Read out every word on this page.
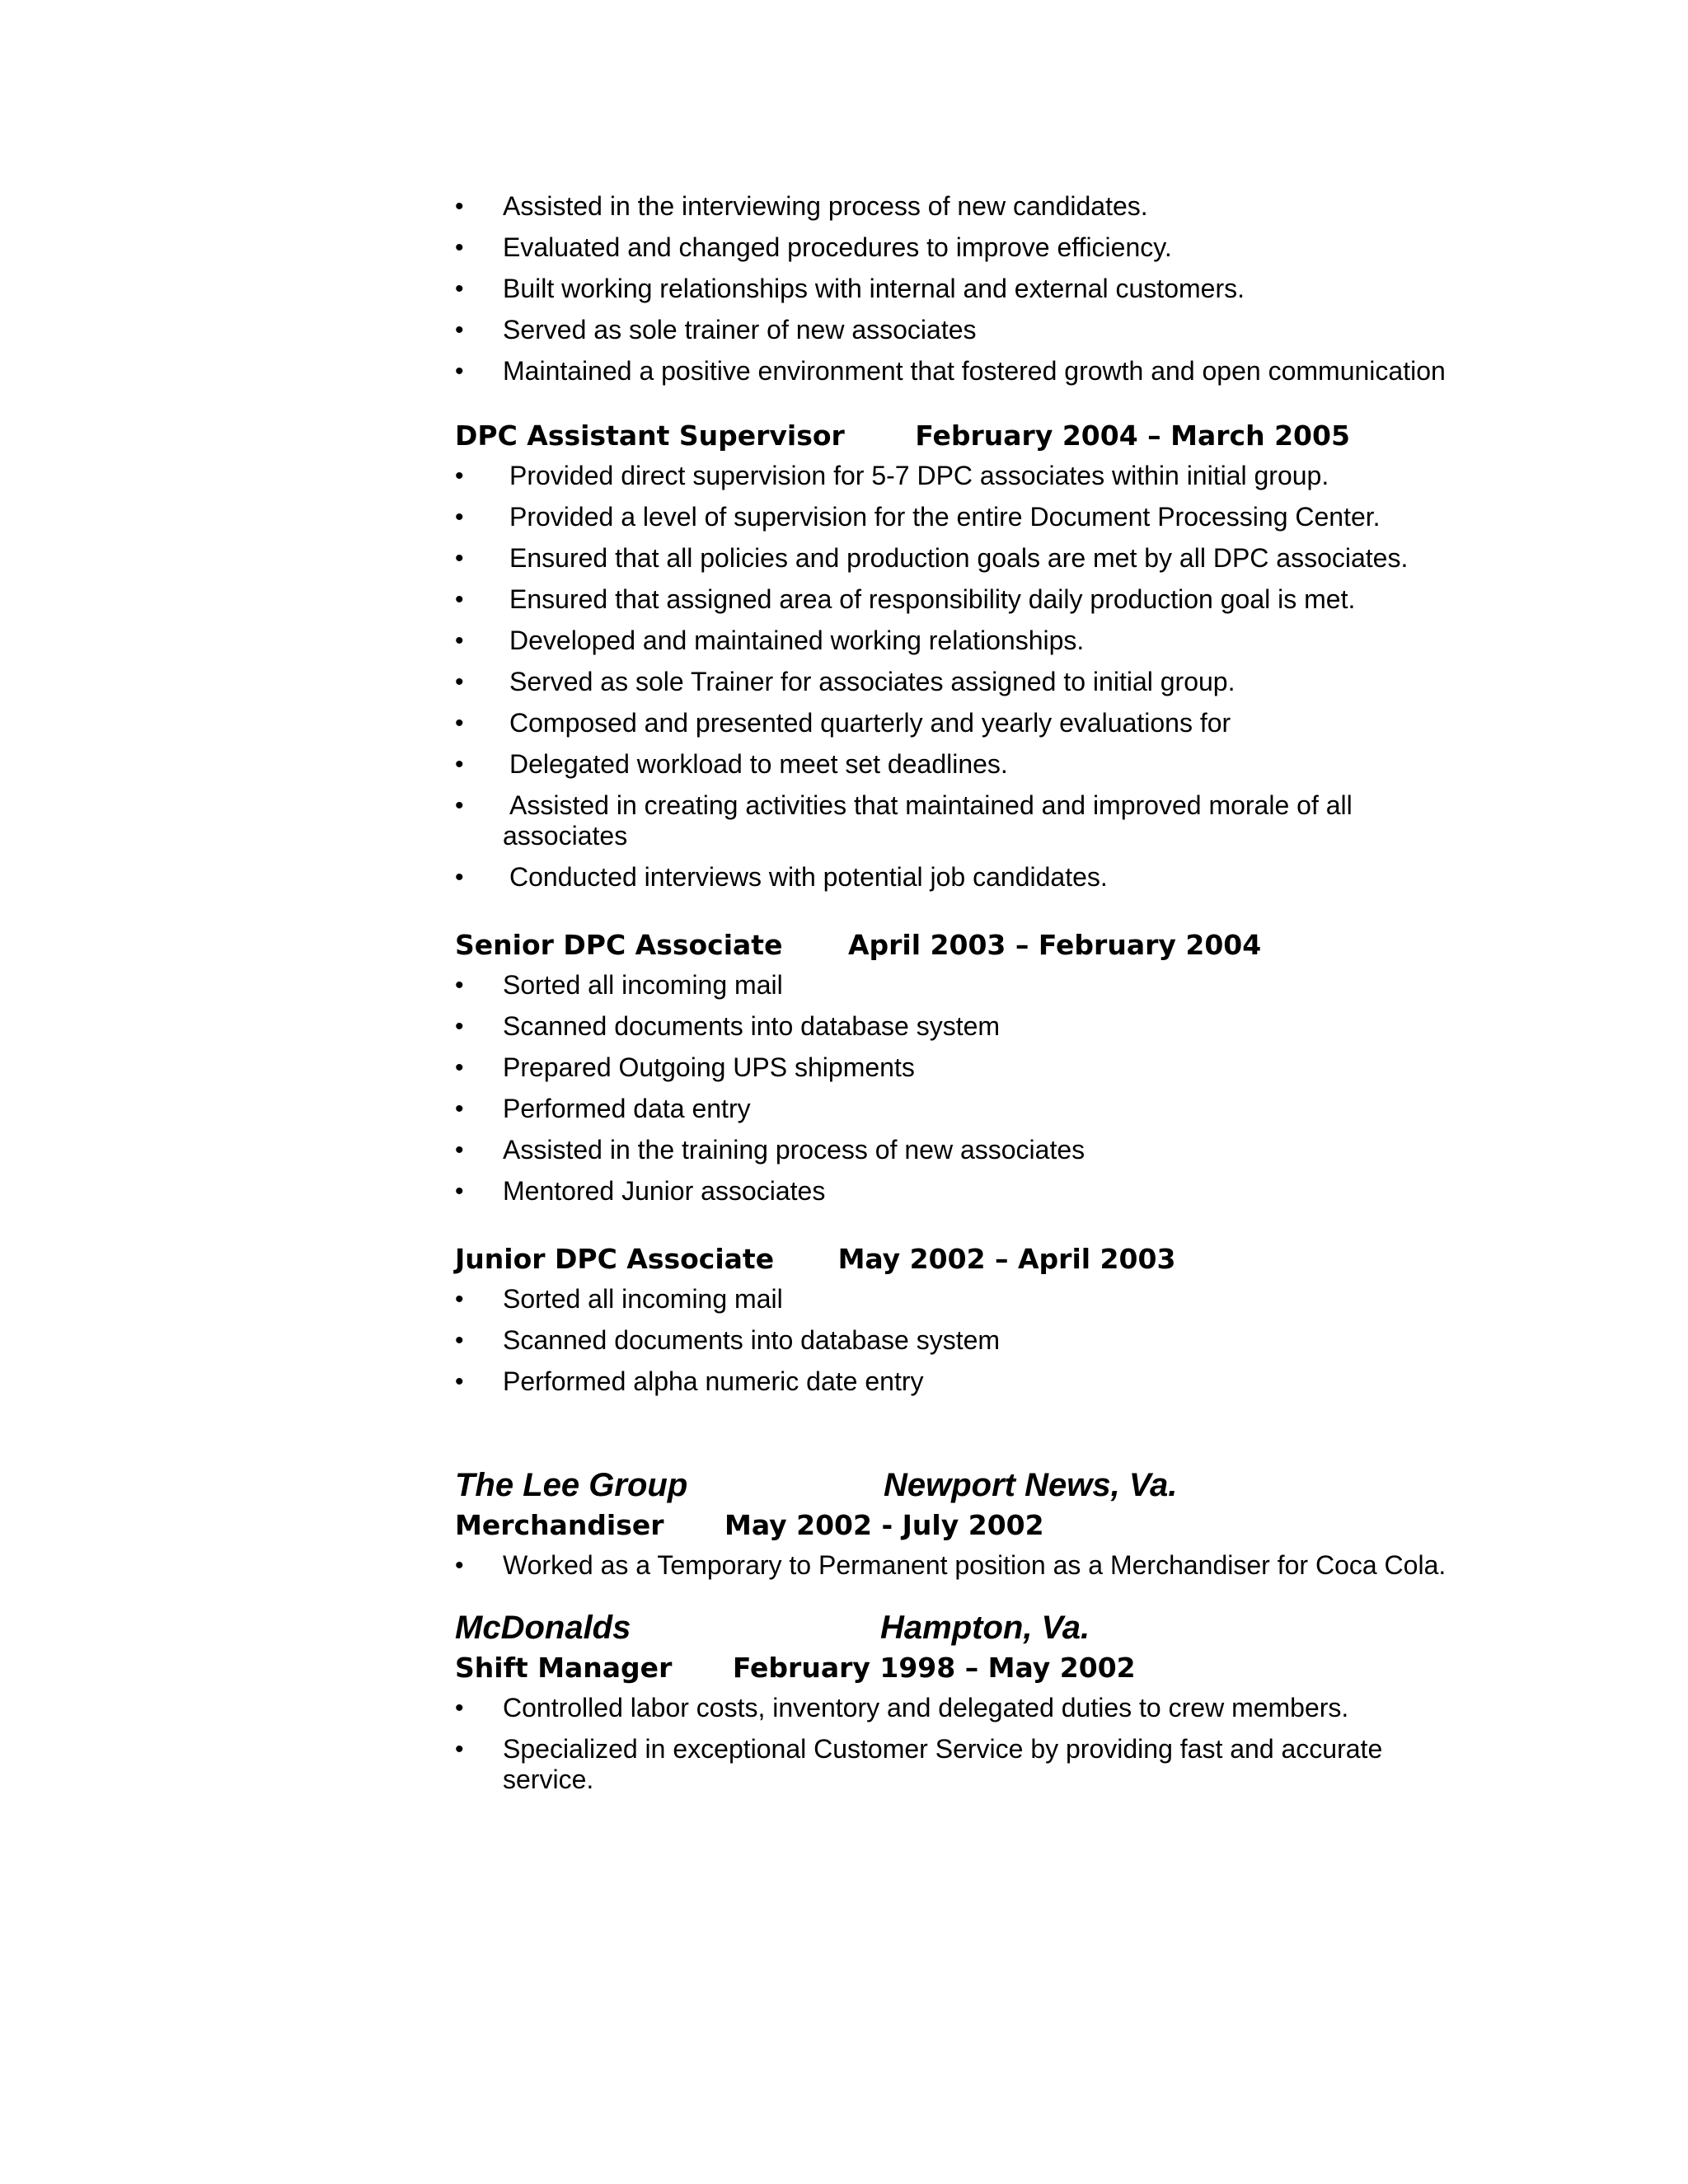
• Assisted in the interviewing process of new candidates.
• Evaluated and changed procedures to improve efficiency.
• Built working relationships with internal and external customers.
• Served as sole trainer of new associates
• Maintained a positive environment that fostered growth and open communication
DPC Assistant Supervisor	February 2004 – March 2005
• Provided direct supervision for 5-7 DPC associates within initial group.
• Provided a level of supervision for the entire Document Processing Center.
• Ensured that all policies and production goals are met by all DPC associates.
• Ensured that assigned area of responsibility daily production goal is met.
• Developed and maintained working relationships.
• Served as sole Trainer for associates assigned to initial group.
• Composed and presented quarterly and yearly evaluations for
• Delegated workload to meet set deadlines.
• Assisted in creating activities that maintained and improved morale of all associates
• Conducted interviews with potential job candidates.
Senior DPC Associate April 2003 – February 2004
• Sorted all incoming mail
• Scanned documents into database system
• Prepared Outgoing UPS shipments
• Performed data entry
• Assisted in the training process of new associates
• Mentored Junior associates
Junior DPC Associate May 2002 – April 2003
• Sorted all incoming mail
• Scanned documents into database system
• Performed alpha numeric date entry
The Lee Group	Newport News, Va.
Merchandiser May 2002 - July 2002
• Worked as a Temporary to Permanent position as a Merchandiser for Coca Cola.
McDonalds	Hampton, Va.
Shift Manager February 1998 – May 2002
• Controlled labor costs, inventory and delegated duties to crew members.
• Specialized in exceptional Customer Service by providing fast and accurate service.
